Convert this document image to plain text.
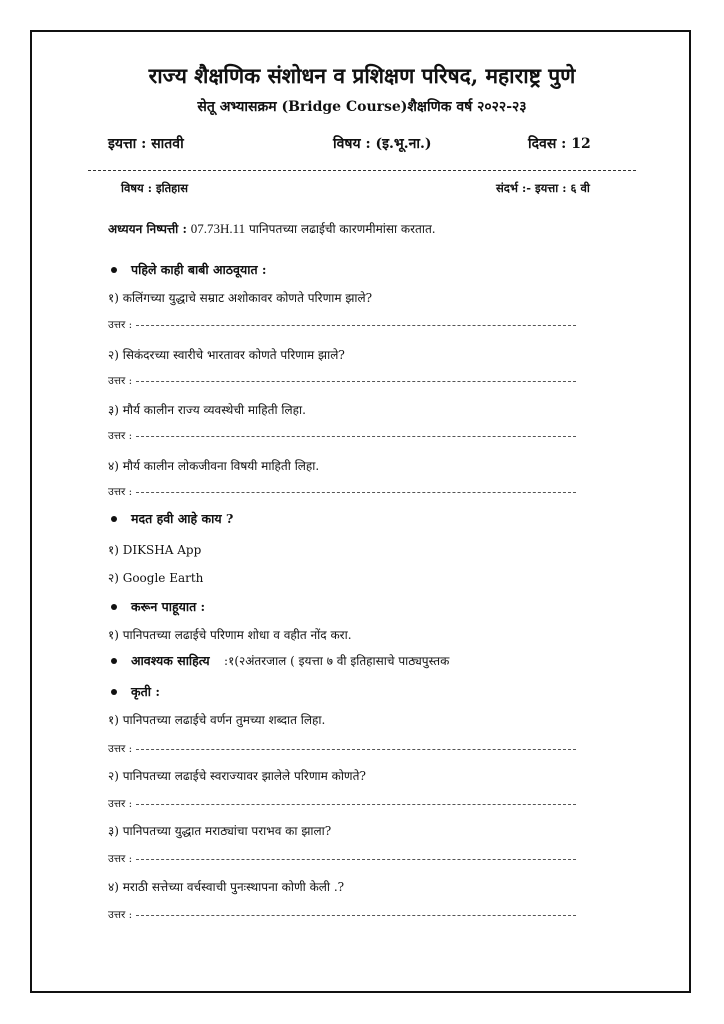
राज्य शैक्षणिक संशोधन व प्रशिक्षण परिषद, महाराष्ट्र पुणे
सेतू अभ्यासक्रम (Bridge Course)शैक्षणिक वर्ष २०२२-२३
इयत्ता : सातवी	विषय : (इ.भू.ना.)	दिवस : 12
विषय : इतिहास	संदर्भ :- इयत्ता : ६ वी
अध्ययन निष्पत्ती : 07.73H.11 पानिपतच्या लढाईची कारणमीमांसा करतात.
पहिले काही बाबी आठवूयात :
१) कलिंगच्या युद्धाचे सम्राट अशोकावर कोणते परिणाम झाले?
उत्तर :
२) सिकंदरच्या स्वारीचे भारतावर कोणते परिणाम झाले?
उत्तर :
३) मौर्य कालीन राज्य व्यवस्थेची माहिती लिहा.
उत्तर :
४) मौर्य कालीन लोकजीवना विषयी माहिती लिहा.
उत्तर :
मदत हवी आहे काय ?
१) DIKSHA App
२) Google Earth
करून पाहूयात :
१) पानिपतच्या लढाईचे परिणाम शोधा व वहीत नोंद करा.
आवश्यक साहित्य :१(२अंतरजाल ( इयत्ता ७ वी इतिहासाचे पाठ्यपुस्तक
कृती :
१) पानिपतच्या लढाईचे वर्णन तुमच्या शब्दात लिहा.
उत्तर :
२) पानिपतच्या लढाईचे स्वराज्यावर झालेले परिणाम कोणते?
उत्तर :
३) पानिपतच्या युद्धात मराठ्यांचा पराभव का झाला?
उत्तर :
४) मराठी सत्तेच्या वर्चस्वाची पुनःस्थापना कोणी केली .?
उत्तर :
